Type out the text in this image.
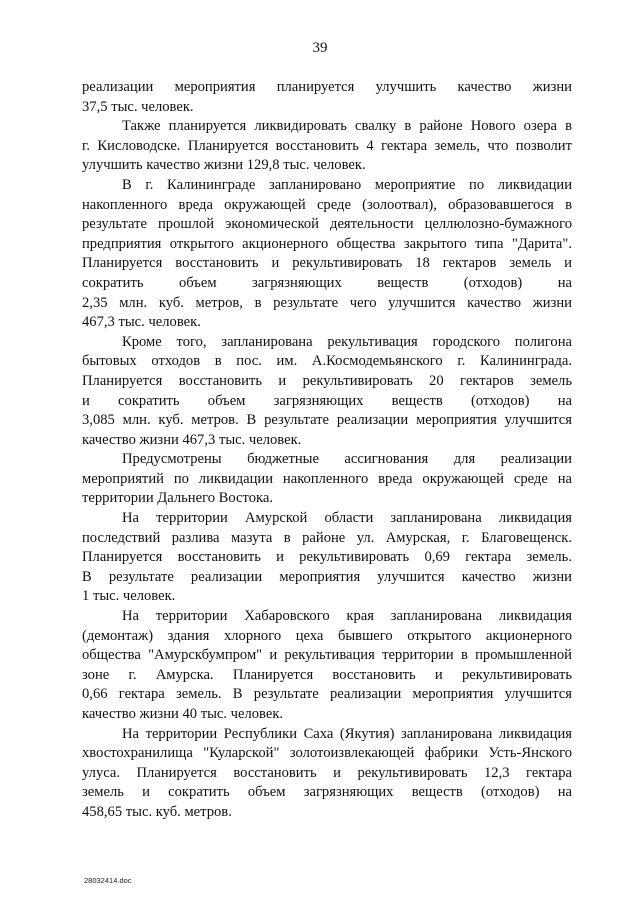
39
реализации мероприятия планируется улучшить качество жизни
37,5 тыс. человек.
Также планируется ликвидировать свалку в районе Нового озера в
г. Кисловодске. Планируется восстановить 4 гектара земель, что позволит
улучшить качество жизни 129,8 тыс. человек.
В г. Калининграде запланировано мероприятие по ликвидации
накопленного вреда окружающей среде (золоотвал), образовавшегося в
результате прошлой экономической деятельности целлюлозно-бумажного
предприятия открытого акционерного общества закрытого типа "Дарита".
Планируется восстановить и рекультивировать 18 гектаров земель и
сократить объем загрязняющих веществ (отходов) на
2,35 млн. куб. метров, в результате чего улучшится качество жизни
467,3 тыс. человек.
Кроме того, запланирована рекультивация городского полигона
бытовых отходов в пос. им. А.Космодемьянского г. Калининграда.
Планируется восстановить и рекультивировать 20 гектаров земель
и сократить объем загрязняющих веществ (отходов) на
3,085 млн. куб. метров. В результате реализации мероприятия улучшится
качество жизни 467,3 тыс. человек.
Предусмотрены бюджетные ассигнования для реализации
мероприятий по ликвидации накопленного вреда окружающей среде на
территории Дальнего Востока.
На территории Амурской области запланирована ликвидация
последствий разлива мазута в районе ул. Амурская, г. Благовещенск.
Планируется восстановить и рекультивировать 0,69 гектара земель.
В результате реализации мероприятия улучшится качество жизни
1 тыс. человек.
На территории Хабаровского края запланирована ликвидация
(демонтаж) здания хлорного цеха бывшего открытого акционерного
общества "Амурскбумпром" и рекультивация территории в промышленной
зоне г. Амурска. Планируется восстановить и рекультивировать
0,66 гектара земель. В результате реализации мероприятия улучшится
качество жизни 40 тыс. человек.
На территории Республики Саха (Якутия) запланирована ликвидация
хвостохранилища "Куларской" золотоизвлекающей фабрики Усть-Янского
улуса. Планируется восстановить и рекультивировать 12,3 гектара
земель и сократить объем загрязняющих веществ (отходов) на
458,65 тыс. куб. метров.
28032414.doc
